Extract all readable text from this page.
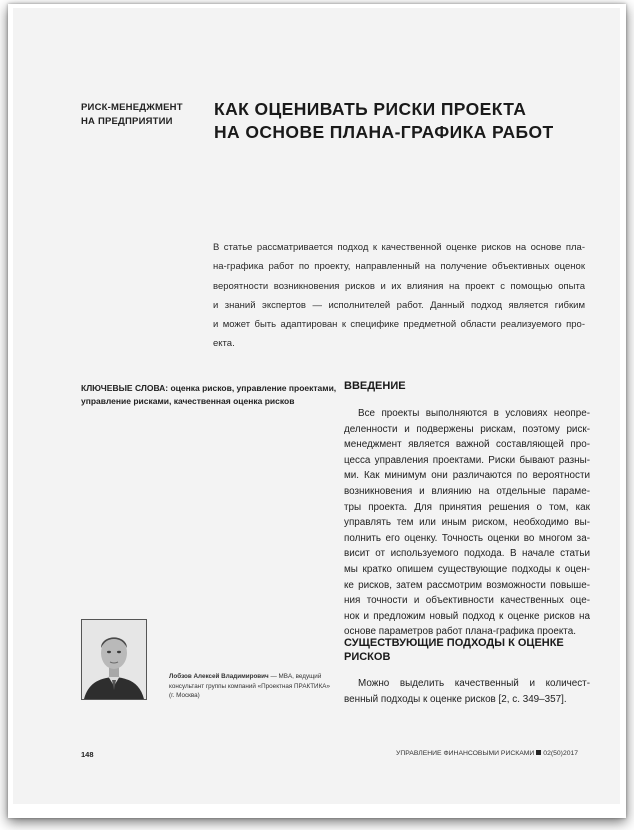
РИСК-МЕНЕДЖМЕНТ
НА ПРЕДПРИЯТИИ
КАК ОЦЕНИВАТЬ РИСКИ ПРОЕКТА
НА ОСНОВЕ ПЛАНА-ГРАФИКА РАБОТ
В статье рассматривается подход к качественной оценке рисков на основе пла-
на-графика работ по проекту, направленный на получение объективных оценок
вероятности возникновения рисков и их влияния на проект с помощью опыта
и знаний экспертов — исполнителей работ. Данный подход является гибким
и может быть адаптирован к специфике предметной области реализуемого про-
екта.
КЛЮЧЕВЫЕ СЛОВА: оценка рисков, управление проектами,
управление рисками, качественная оценка рисков
ВВЕДЕНИЕ
Все проекты выполняются в условиях неопре-
деленности и подвержены рискам, поэтому риск-
менеджмент является важной составляющей про-
цесса управления проектами. Риски бывают разны-
ми. Как минимум они различаются по вероятности
возникновения и влиянию на отдельные параме-
тры проекта. Для принятия решения о том, как
управлять тем или иным риском, необходимо вы-
полнить его оценку. Точность оценки во многом за-
висит от используемого подхода. В начале статьи
мы кратко опишем существующие подходы к оцен-
ке рисков, затем рассмотрим возможности повыше-
ния точности и объективности качественных оце-
нок и предложим новый подход к оценке рисков на
основе параметров работ плана-графика проекта.
СУЩЕСТВУЮЩИЕ ПОДХОДЫ К ОЦЕНКЕ
РИСКОВ
Можно выделить качественный и количест-
венный подходы к оценке рисков [2, с. 349–357].
Лобзов Алексей Владимирович — MBA, ведущий
консультант группы компаний «Проектная ПРАКТИКА»
(г. Москва)
148	УПРАВЛЕНИЕ ФИНАНСОВЫМИ РИСКАМИ 02(50)2017
